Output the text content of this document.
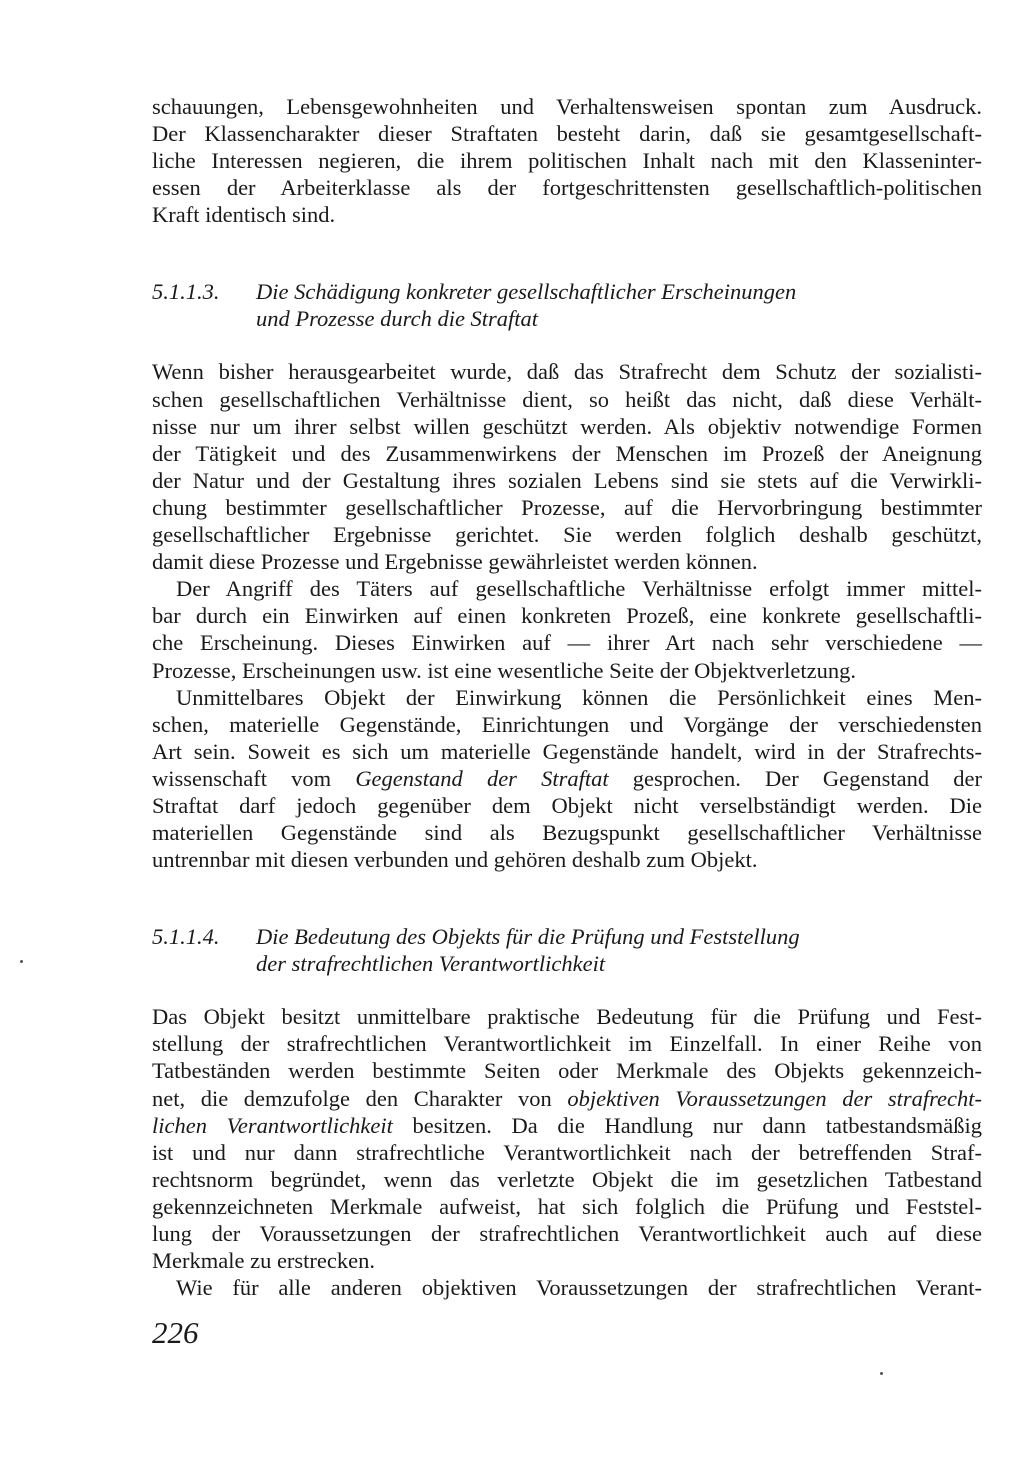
schauungen, Lebensgewohnheiten und Verhaltensweisen spontan zum Ausdruck.
Der Klassencharakter dieser Straftaten besteht darin, daß sie gesamtgesellschaft-
liche Interessen negieren, die ihrem politischen Inhalt nach mit den Klasseninter-
essen der Arbeiterklasse als der fortgeschrittensten gesellschaftlich-politischen
Kraft identisch sind.
5.1.1.3.	Die Schädigung konkreter gesellschaftlicher Erscheinungen
und Prozesse durch die Straftat
Wenn bisher herausgearbeitet wurde, daß das Strafrecht dem Schutz der sozialisti-
schen gesellschaftlichen Verhältnisse dient, so heißt das nicht, daß diese Verhält-
nisse nur um ihrer selbst willen geschützt werden. Als objektiv notwendige Formen
der Tätigkeit und des Zusammenwirkens der Menschen im Prozeß der Aneignung
der Natur und der Gestaltung ihres sozialen Lebens sind sie stets auf die Verwirkli-
chung bestimmter gesellschaftlicher Prozesse, auf die Hervorbringung bestimmter
gesellschaftlicher Ergebnisse gerichtet. Sie werden folglich deshalb geschützt,
damit diese Prozesse und Ergebnisse gewährleistet werden können.
Der Angriff des Täters auf gesellschaftliche Verhältnisse erfolgt immer mittel-
bar durch ein Einwirken auf einen konkreten Prozeß, eine konkrete gesellschaftli-
che Erscheinung. Dieses Einwirken auf — ihrer Art nach sehr verschiedene —
Prozesse, Erscheinungen usw. ist eine wesentliche Seite der Objektverletzung.
Unmittelbares Objekt der Einwirkung können die Persönlichkeit eines Men-
schen, materielle Gegenstände, Einrichtungen und Vorgänge der verschiedensten
Art sein. Soweit es sich um materielle Gegenstände handelt, wird in der Strafrechts-
wissenschaft vom Gegenstand der Straftat gesprochen. Der Gegenstand der
Straftat darf jedoch gegenüber dem Objekt nicht verselbständigt werden. Die
materiellen Gegenstände sind als Bezugspunkt gesellschaftlicher Verhältnisse
untrennbar mit diesen verbunden und gehören deshalb zum Objekt.
5.1.1.4.	Die Bedeutung des Objekts für die Prüfung und Feststellung
der strafrechtlichen Verantwortlichkeit
Das Objekt besitzt unmittelbare praktische Bedeutung für die Prüfung und Fest-
stellung der strafrechtlichen Verantwortlichkeit im Einzelfall. In einer Reihe von
Tatbeständen werden bestimmte Seiten oder Merkmale des Objekts gekennzeich-
net, die demzufolge den Charakter von objektiven Voraussetzungen der strafrecht-
lichen Verantwortlichkeit besitzen. Da die Handlung nur dann tatbestandsmäßig
ist und nur dann strafrechtliche Verantwortlichkeit nach der betreffenden Straf-
rechtsnorm begründet, wenn das verletzte Objekt die im gesetzlichen Tatbestand
gekennzeichneten Merkmale aufweist, hat sich folglich die Prüfung und Feststel-
lung der Voraussetzungen der strafrechtlichen Verantwortlichkeit auch auf diese
Merkmale zu erstrecken.
Wie für alle anderen objektiven Voraussetzungen der strafrechtlichen Verant-
226
